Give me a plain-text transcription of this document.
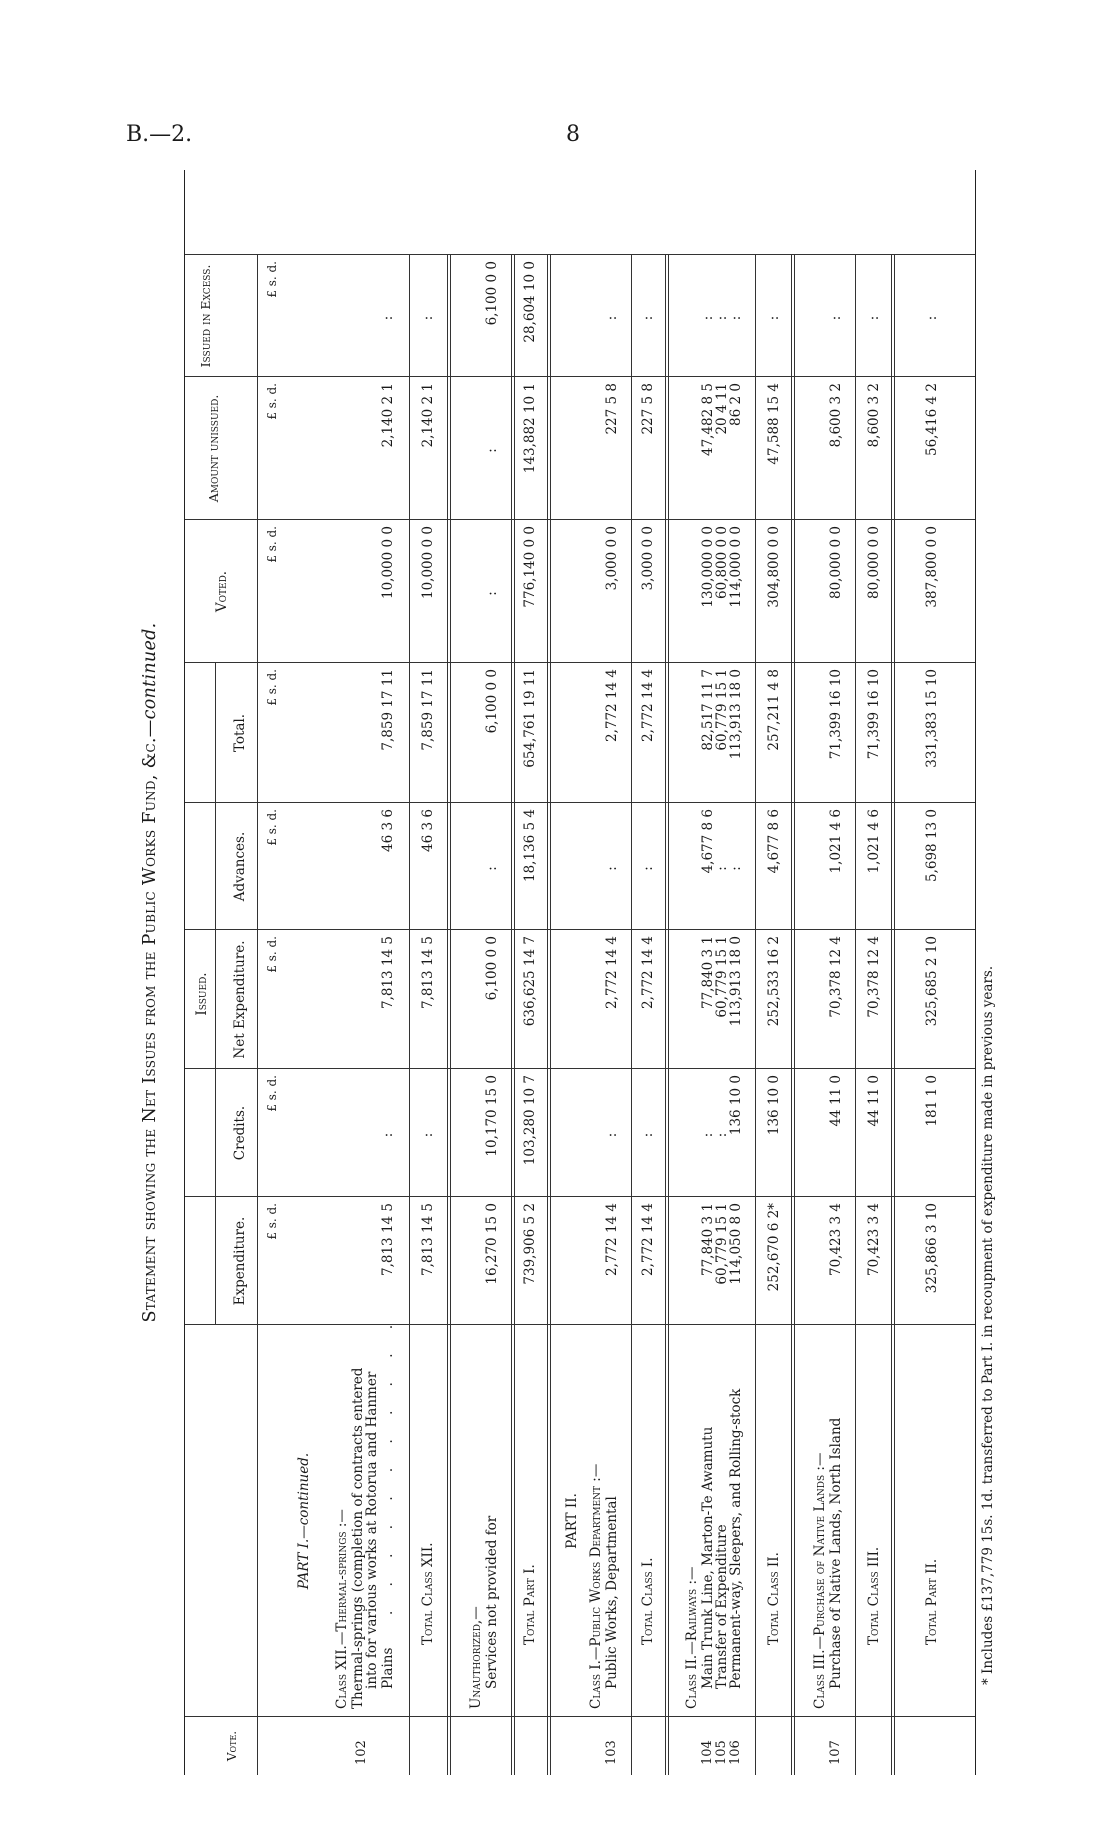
B.—2.	8
Statement showing the Net Issues from the Public Works Fund, &c.—continued.
Vote.
Issued.
Expenditure.
Credits.
Net Expenditure.
Advances.
Total.
Voted.
Amount unissued.
Issued in Excess.
£ s. d.
£ s. d.
£ s. d.
£ s. d.
£ s. d.
£ s. d.
£ s. d.
£ s. d.
PART I.—continued. Class XII.—Thermal-springs :—
102
Thermal-springs (completion of contracts entered
into for various works at Rotorua and Hanmer Plains
. . . . . . . . . . .
7,813 14 5
:
7,813 14 5
46 3 6
7,859 17 11
10,000 0 0
2,140 2 1
:
Total Class XII.
7,813 14 5
:
7,813 14 5
46 3 6
7,859 17 11
10,000 0 0
2,140 2 1
:
Unauthorized,— Services not provided for
16,270 15 0
10,170 15 0
6,100 0 0
:
6,100 0 0
:
:
6,100 0 0
Total Part I.
739,906 5 2
103,280 10 7
636,625 14 7
18,136 5 4
654,761 19 11
776,140 0 0
143,882 10 1
28,604 10 0
PART II. Class I.—Public Works Department :—
103
Public Works, Departmental
2,772 14 4
:
2,772 14 4
:
2,772 14 4
3,000 0 0
227 5 8
:
Total Class I.
2,772 14 4
:
2,772 14 4
:
2,772 14 4
3,000 0 0
227 5 8
:
Class II.—Railways :—
104
Main Trunk Line, Marton-Te Awamutu
77,840 3 1
:
77,840 3 1
4,677 8 6
82,517 11 7
130,000 0 0
47,482 8 5
:
105
Transfer of Expenditure
60,779 15 1
:
60,779 15 1
:
60,779 15 1
60,800 0 0
20 4 11
:
106
Permanent-way, Sleepers, and Rolling-stock
114,050 8 0
136 10 0
113,913 18 0
:
113,913 18 0
114,000 0 0
86 2 0
:
Total Class II.
252,670 6 2*
136 10 0
252,533 16 2
4,677 8 6
257,211 4 8
304,800 0 0
47,588 15 4
:
Class III.—Purchase of Native Lands :—
107
Purchase of Native Lands, North Island
70,423 3 4
44 11 0
70,378 12 4
1,021 4 6
71,399 16 10
80,000 0 0
8,600 3 2
:
Total Class III.
70,423 3 4
44 11 0
70,378 12 4
1,021 4 6
71,399 16 10
80,000 0 0
8,600 3 2
:
Total Part II.
325,866 3 10
181 1 0
325,685 2 10
5,698 13 0
331,383 15 10
387,800 0 0
56,416 4 2
:
* Includes £137,779 15s. 1d. transferred to Part I. in recoupment of expenditure made in previous years.
